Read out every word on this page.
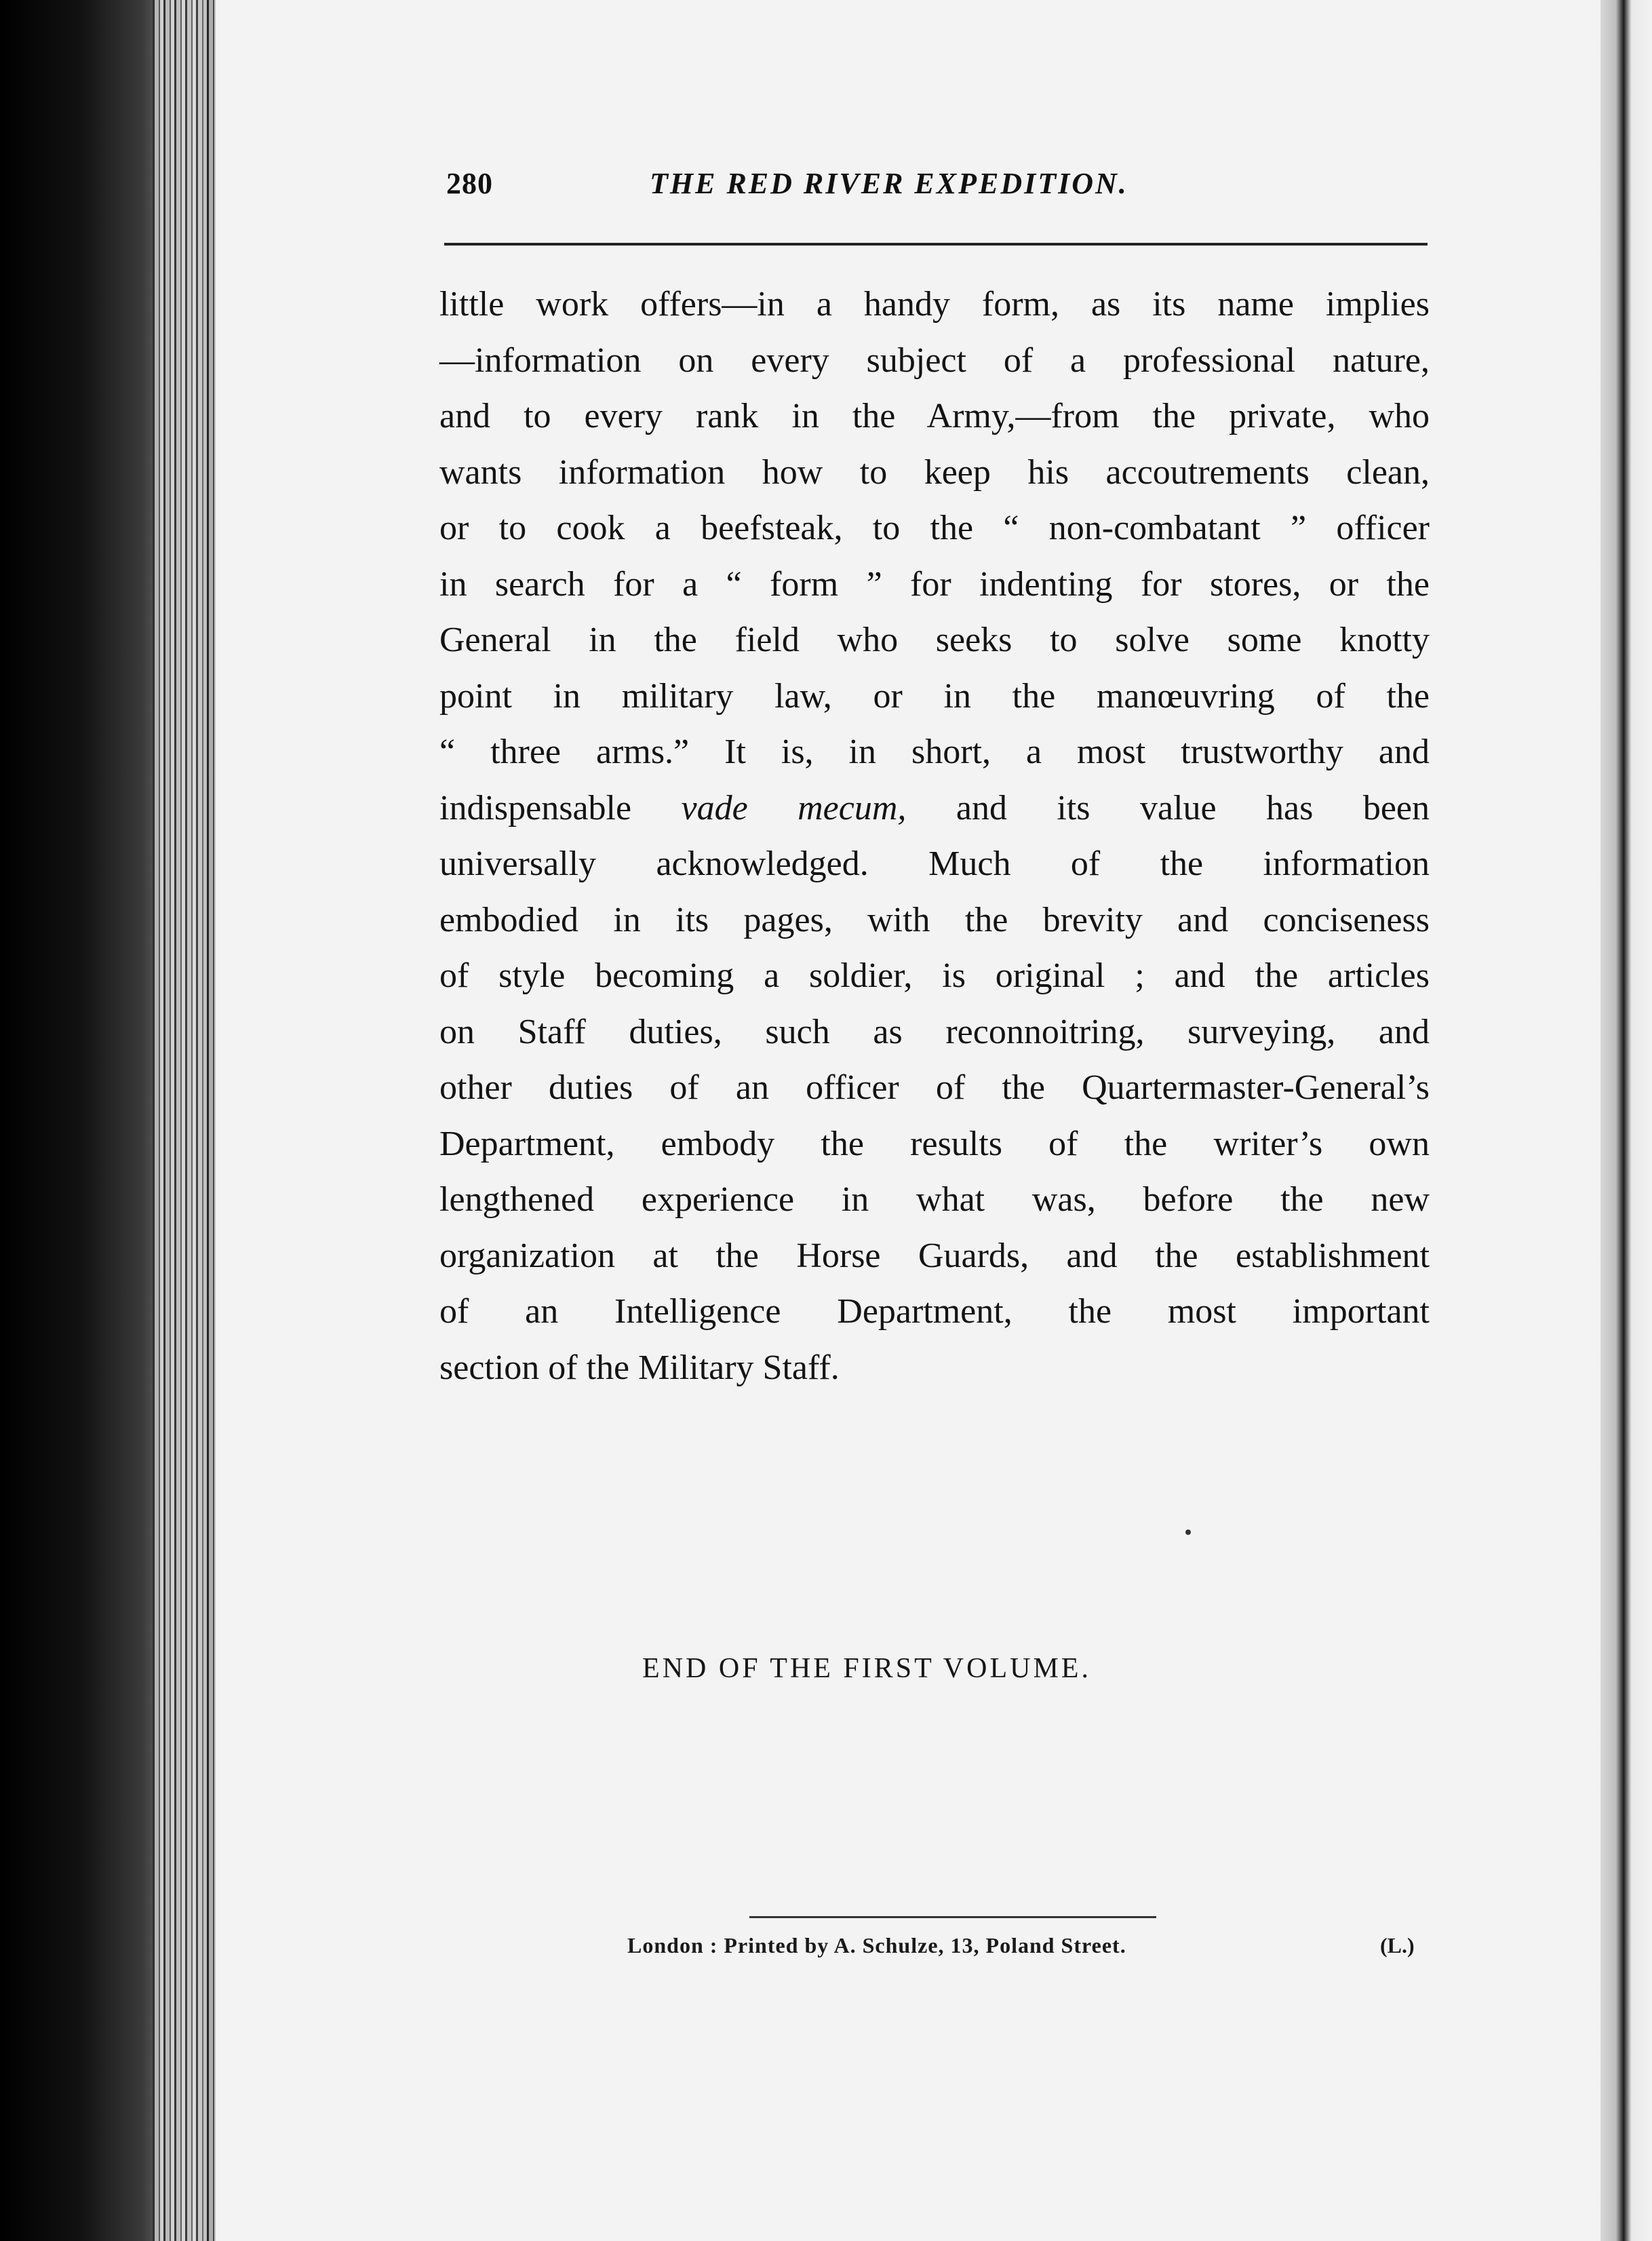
280	THE RED RIVER EXPEDITION.
little work offers—in a handy form, as its name implies
—information on every subject of a professional nature,
and to every rank in the Army,—from the private, who
wants information how to keep his accoutrements clean,
or to cook a beefsteak, to the “ non-combatant ” officer
in search for a “ form ” for indenting for stores, or the
General in the field who seeks to solve some knotty
point in military law, or in the manœuvring of the
“ three arms.” It is, in short, a most trustworthy and
indispensable vade mecum, and its value has been
universally acknowledged. Much of the information
embodied in its pages, with the brevity and conciseness
of style becoming a soldier, is original ; and the articles
on Staff duties, such as reconnoitring, surveying, and
other duties of an officer of the Quartermaster-General’s
Department, embody the results of the writer’s own
lengthened experience in what was, before the new
organization at the Horse Guards, and the establishment
of an Intelligence Department, the most important
section of the Military Staff.
END OF THE FIRST VOLUME.
London : Printed by A. Schulze, 13, Poland Street.	(L.)
